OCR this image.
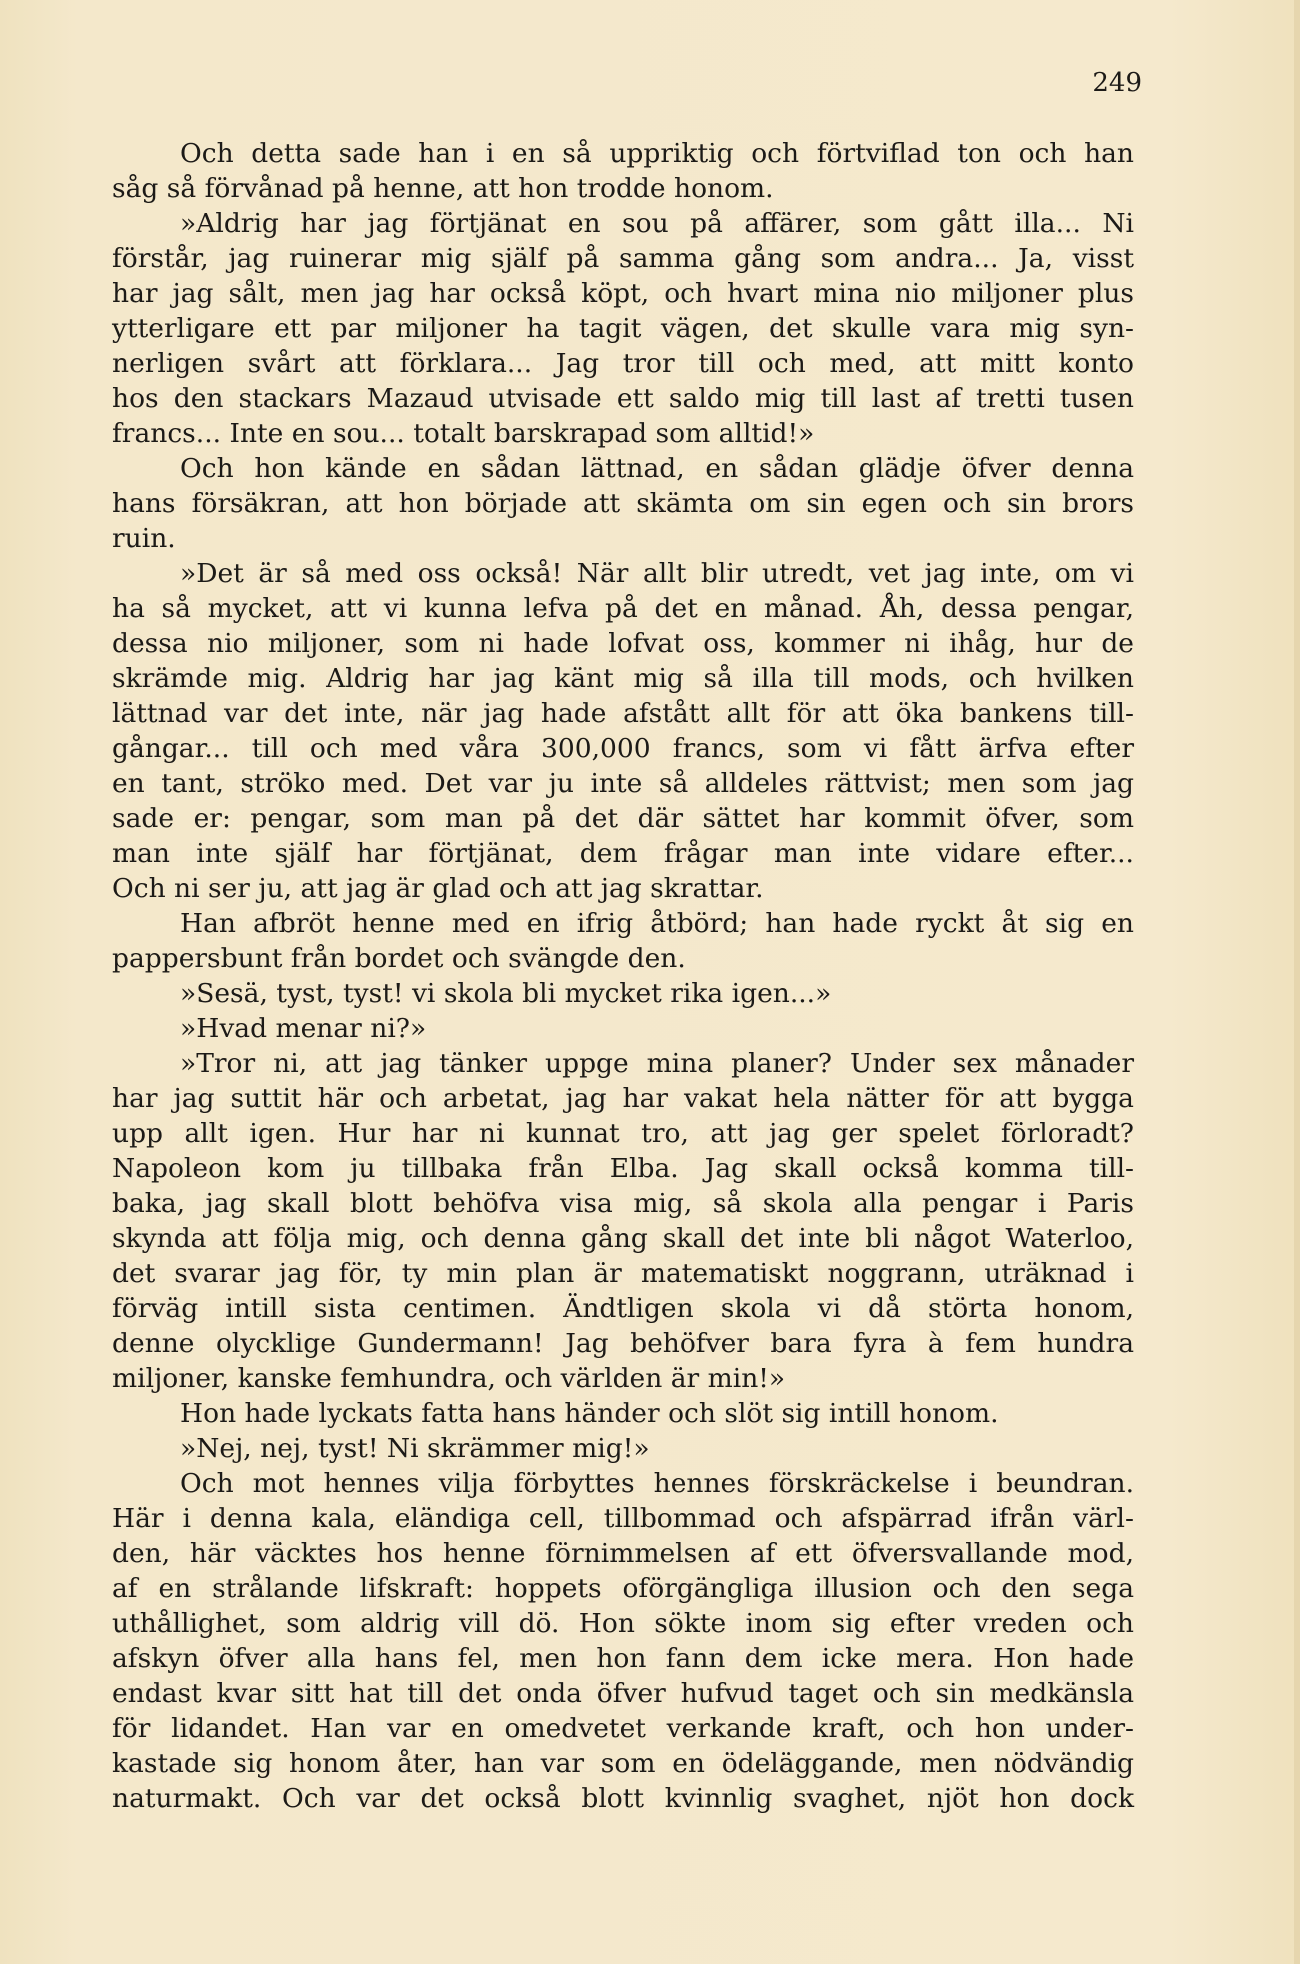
249
Och detta sade han i en så uppriktig och förtviflad ton och han
såg så förvånad på henne, att hon trodde honom.
»Aldrig har jag förtjänat en sou på affärer, som gått illa... Ni
förstår, jag ruinerar mig själf på samma gång som andra... Ja, visst
har jag sålt, men jag har också köpt, och hvart mina nio miljoner plus
ytterligare ett par miljoner ha tagit vägen, det skulle vara mig syn-
nerligen svårt att förklara... Jag tror till och med, att mitt konto
hos den stackars Mazaud utvisade ett saldo mig till last af tretti tusen
francs... Inte en sou... totalt barskrapad som alltid!»
Och hon kände en sådan lättnad, en sådan glädje öfver denna
hans försäkran, att hon började att skämta om sin egen och sin brors
ruin.
»Det är så med oss också! När allt blir utredt, vet jag inte, om vi
ha så mycket, att vi kunna lefva på det en månad. Åh, dessa pengar,
dessa nio miljoner, som ni hade lofvat oss, kommer ni ihåg, hur de
skrämde mig. Aldrig har jag känt mig så illa till mods, och hvilken
lättnad var det inte, när jag hade afstått allt för att öka bankens till-
gångar... till och med våra 300,000 francs, som vi fått ärfva efter
en tant, ströko med. Det var ju inte så alldeles rättvist; men som jag
sade er: pengar, som man på det där sättet har kommit öfver, som
man inte själf har förtjänat, dem frågar man inte vidare efter...
Och ni ser ju, att jag är glad och att jag skrattar.
Han afbröt henne med en ifrig åtbörd; han hade ryckt åt sig en
pappersbunt från bordet och svängde den.
»Sesä, tyst, tyst! vi skola bli mycket rika igen...»
»Hvad menar ni?»
»Tror ni, att jag tänker uppge mina planer? Under sex månader
har jag suttit här och arbetat, jag har vakat hela nätter för att bygga
upp allt igen. Hur har ni kunnat tro, att jag ger spelet förloradt?
Napoleon kom ju tillbaka från Elba. Jag skall också komma till-
baka, jag skall blott behöfva visa mig, så skola alla pengar i Paris
skynda att följa mig, och denna gång skall det inte bli något Waterloo,
det svarar jag för, ty min plan är matematiskt noggrann, uträknad i
förväg intill sista centimen. Ändtligen skola vi då störta honom,
denne olycklige Gundermann! Jag behöfver bara fyra à fem hundra
miljoner, kanske femhundra, och världen är min!»
Hon hade lyckats fatta hans händer och slöt sig intill honom.
»Nej, nej, tyst! Ni skrämmer mig!»
Och mot hennes vilja förbyttes hennes förskräckelse i beundran.
Här i denna kala, eländiga cell, tillbommad och afspärrad ifrån värl-
den, här väcktes hos henne förnimmelsen af ett öfversvallande mod,
af en strålande lifskraft: hoppets oförgängliga illusion och den sega
uthållighet, som aldrig vill dö. Hon sökte inom sig efter vreden och
afskyn öfver alla hans fel, men hon fann dem icke mera. Hon hade
endast kvar sitt hat till det onda öfver hufvud taget och sin medkänsla
för lidandet. Han var en omedvetet verkande kraft, och hon under-
kastade sig honom åter, han var som en ödeläggande, men nödvändig
naturmakt. Och var det också blott kvinnlig svaghet, njöt hon dock
